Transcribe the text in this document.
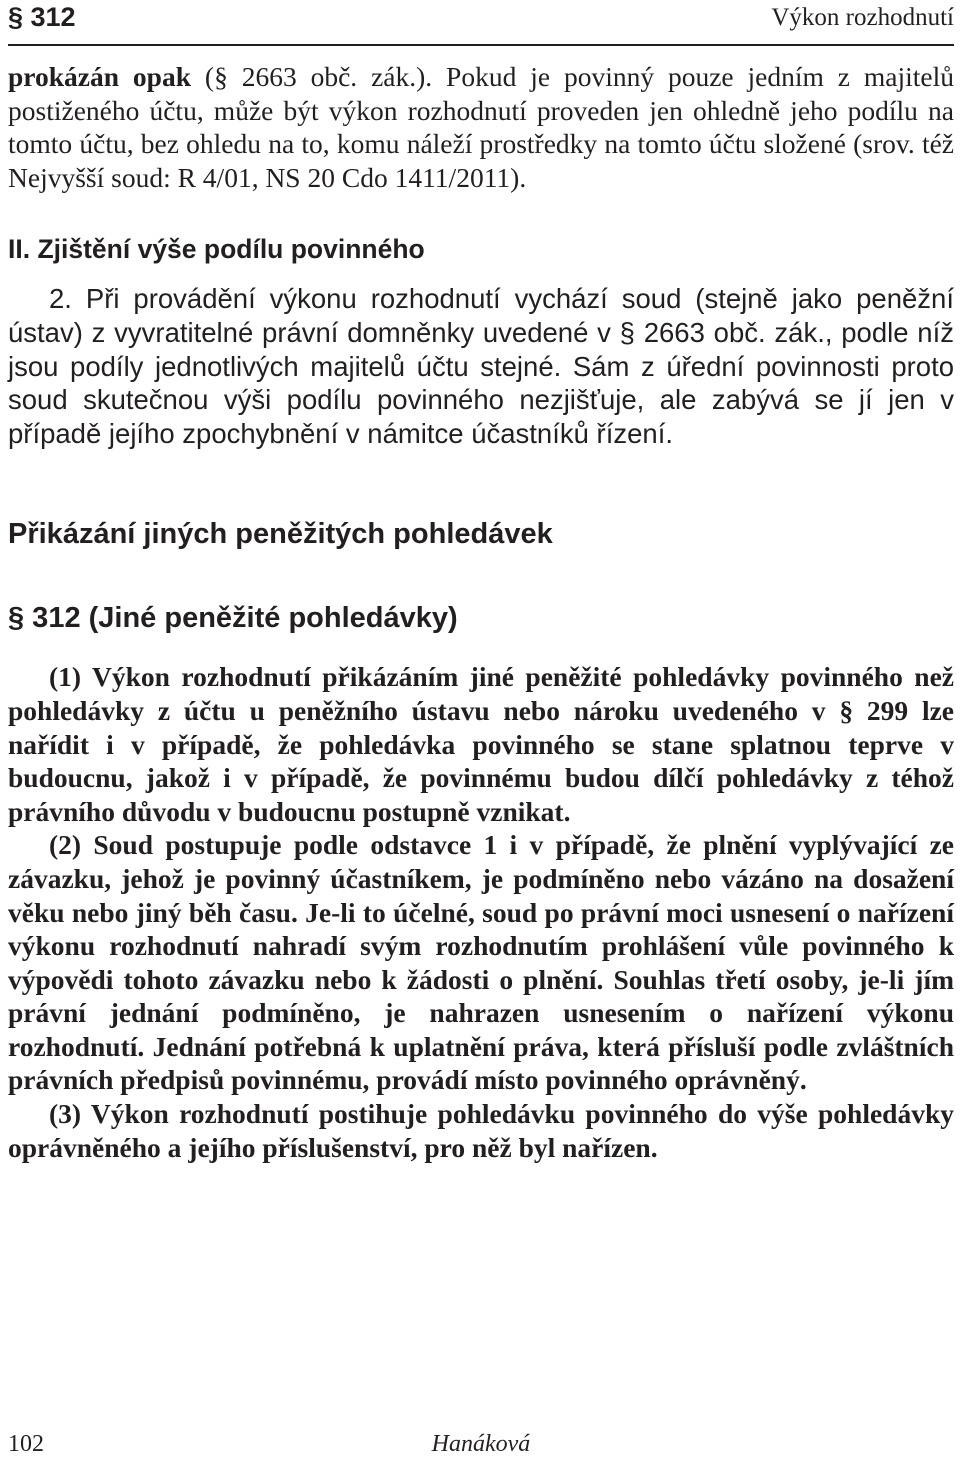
§ 312	Výkon rozhodnutí

prokázán opak (§ 2663 obč. zák.). Pokud je povinný pouze jedním z majitelů postiženého účtu, může být výkon rozhodnutí proveden jen ohledně jeho podílu na tomto účtu, bez ohledu na to, komu náleží prostředky na tomto účtu složené (srov. též Nejvyšší soud: R 4/01, NS 20 Cdo 1411/2011).

II. Zjištění výše podílu povinného

2. Při provádění výkonu rozhodnutí vychází soud (stejně jako peněžní ústav) z vyvratitelné právní domněnky uvedené v § 2663 obč. zák., podle níž jsou podíly jednotlivých majitelů účtu stejné. Sám z úřední povinnosti proto soud skutečnou výši podílu povinného nezjišťuje, ale zabývá se jí jen v případě jejího zpochybnění v námitce účastníků řízení.

Přikázání jiných peněžitých pohledávek

§ 312 (Jiné peněžité pohledávky)

(1) Výkon rozhodnutí přikázáním jiné peněžité pohledávky povinného než pohledávky z účtu u peněžního ústavu nebo nároku uvedeného v § 299 lze nařídit i v případě, že pohledávka povinného se stane splatnou teprve v budoucnu, jakož i v případě, že povinnému budou dílčí pohledávky z téhož právního důvodu v budoucnu postupně vznikat.

(2) Soud postupuje podle odstavce 1 i v případě, že plnění vyplývající ze závazku, jehož je povinný účastníkem, je podmíněno nebo vázáno na dosažení věku nebo jiný běh času. Je-li to účelné, soud po právní moci usnesení o nařízení výkonu rozhodnutí nahradí svým rozhodnutím prohlášení vůle povinného k výpovědi tohoto závazku nebo k žádosti o plnění. Souhlas třetí osoby, je-li jím právní jednání podmíněno, je nahrazen usnesením o nařízení výkonu rozhodnutí. Jednání potřebná k uplatnění práva, která přísluší podle zvláštních právních předpisů povinnému, provádí místo povinného oprávněný.

(3) Výkon rozhodnutí postihuje pohledávku povinného do výše pohledávky oprávněného a jejího příslušenství, pro něž byl nařízen.

102	Hanáková
